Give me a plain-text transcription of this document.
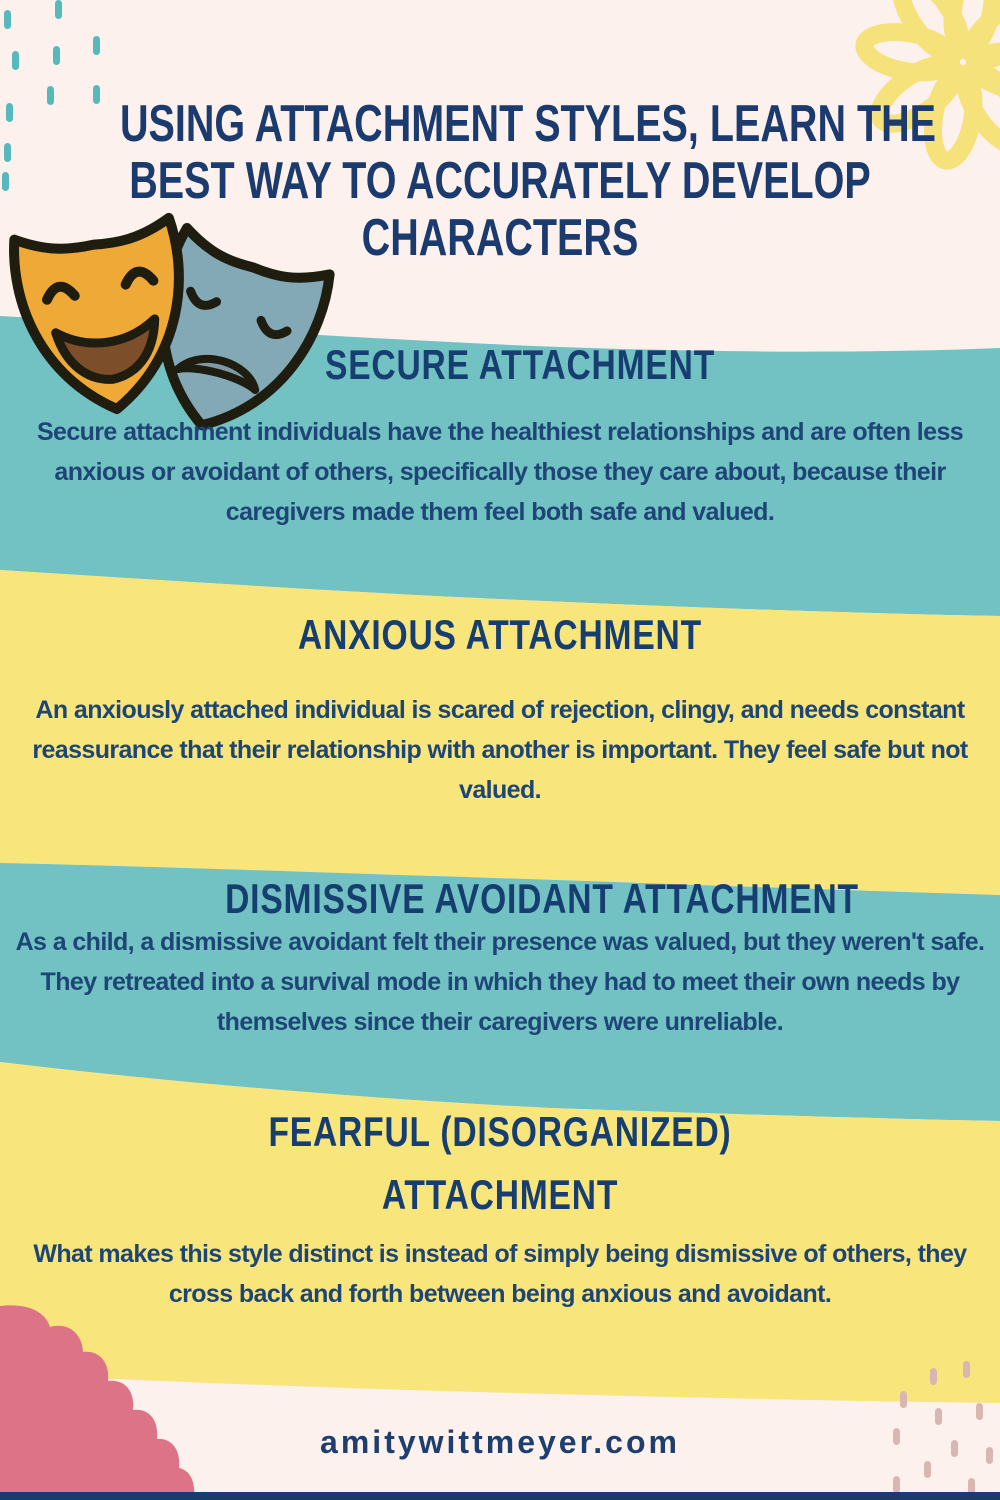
USING ATTACHMENT STYLES, LEARN THE
BEST WAY TO ACCURATELY DEVELOP
CHARACTERS
SECURE ATTACHMENT
Secure attachment individuals have the healthiest relationships and are often less anxious or avoidant of others, specifically those they care about, because their caregivers made them feel both safe and valued.
ANXIOUS ATTACHMENT
An anxiously attached individual is scared of rejection, clingy, and needs constant reassurance that their relationship with another is important. They feel safe but not valued.
DISMISSIVE AVOIDANT ATTACHMENT
As a child, a dismissive avoidant felt their presence was valued, but they weren't safe. They retreated into a survival mode in which they had to meet their own needs by themselves since their caregivers were unreliable.
FEARFUL (DISORGANIZED)
ATTACHMENT
What makes this style distinct is instead of simply being dismissive of others, they cross back and forth between being anxious and avoidant.
amitywittmeyer.com
